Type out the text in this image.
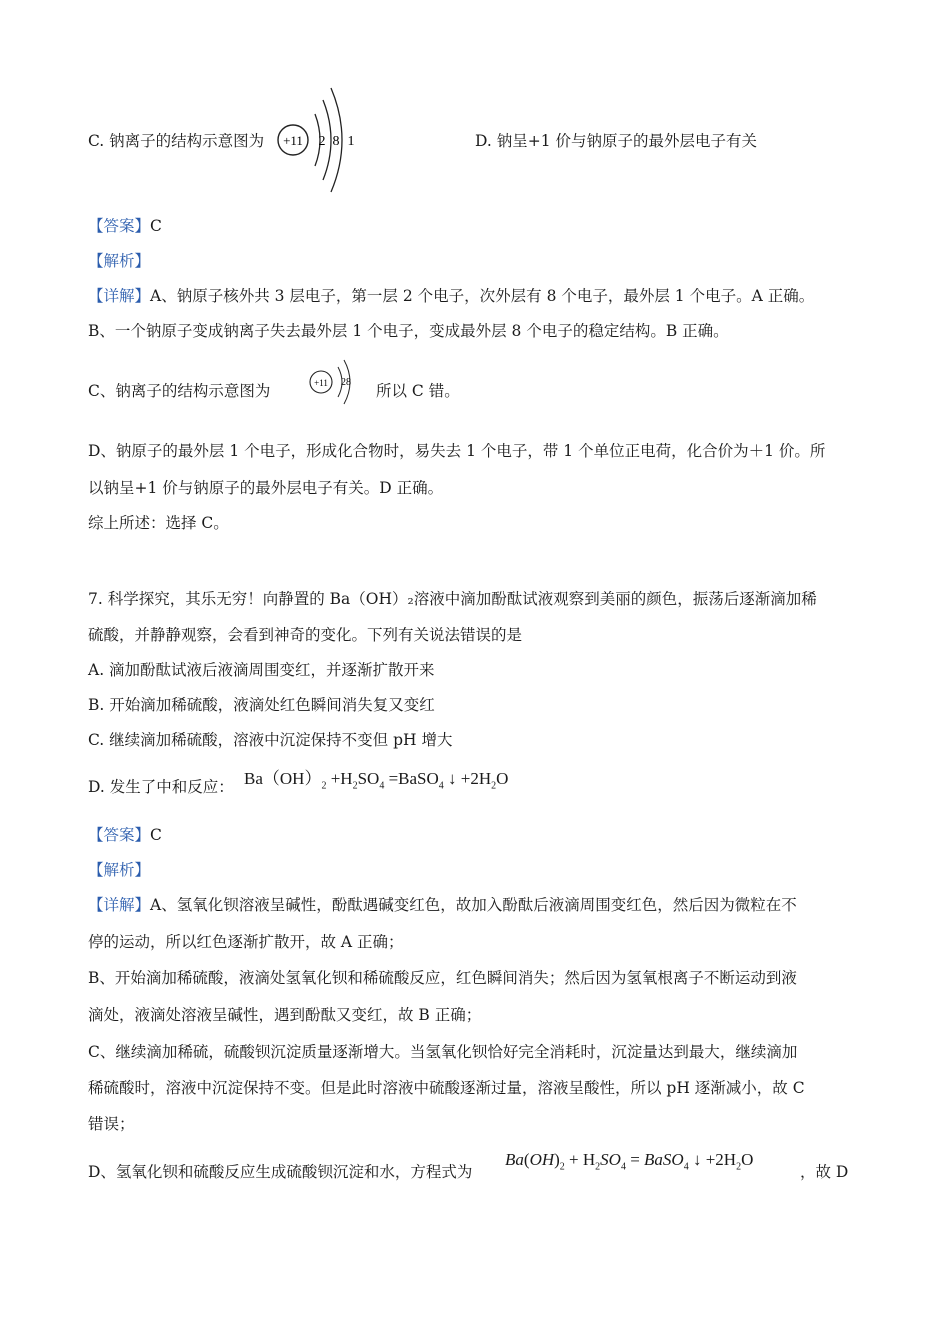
C. 钠离子的结构示意图为 +11 2 8 1	D. 钠呈+1 价与钠原子的最外层电子有关
【答案】C
【解析】
【详解】A、钠原子核外共 3 层电子，第一层 2 个电子，次外层有 8 个电子，最外层 1 个电子。A 正确。
B、一个钠原子变成钠离子失去最外层 1 个电子，变成最外层 8 个电子的稳定结构。B 正确。
C、钠离子的结构示意图为	+11 28 所以 C 错。
D、钠原子的最外层 1 个电子，形成化合物时，易失去 1 个电子，带 1 个单位正电荷，化合价为＋1 价。所
以钠呈+1 价与钠原子的最外层电子有关。D 正确。
综上所述：选择 C。
7. 科学探究，其乐无穷！向静置的 Ba（OH）₂溶液中滴加酚酞试液观察到美丽的颜色，振荡后逐渐滴加稀
硫酸，并静静观察，会看到神奇的变化。下列有关说法错误的是
A. 滴加酚酞试液后液滴周围变红，并逐渐扩散开来
B. 开始滴加稀硫酸，液滴处红色瞬间消失复又变红
C. 继续滴加稀硫酸，溶液中沉淀保持不变但 pH 增大
D. 发生了中和反应： $Ba(OH)_2 +H_2SO_4$ =BaSO$_4$ ↓ $+2H_2O$
【答案】C
【解析】
【详解】A、氢氧化钡溶液呈碱性，酚酞遇碱变红色，故加入酚酞后液滴周围变红色，然后因为微粒在不
停的运动，所以红色逐渐扩散开，故 A 正确；
B、开始滴加稀硫酸，液滴处氢氧化钡和稀硫酸反应，红色瞬间消失；然后因为氢氧根离子不断运动到液
滴处，液滴处溶液呈碱性，遇到酚酞又变红，故 B 正确；
C、继续滴加稀硫，硫酸钡沉淀质量逐渐增大。当氢氧化钡恰好完全消耗时，沉淀量达到最大，继续滴加
稀硫酸时，溶液中沉淀保持不变。但是此时溶液中硫酸逐渐过量，溶液呈酸性，所以 pH 逐渐减小，故 C
错误；
D、氢氧化钡和硫酸反应生成硫酸钡沉淀和水，方程式为
$Ba(OH)_2 + H_2SO_4$ = BaSO$_4$ ↓ $+2H_2O$
，故 D
